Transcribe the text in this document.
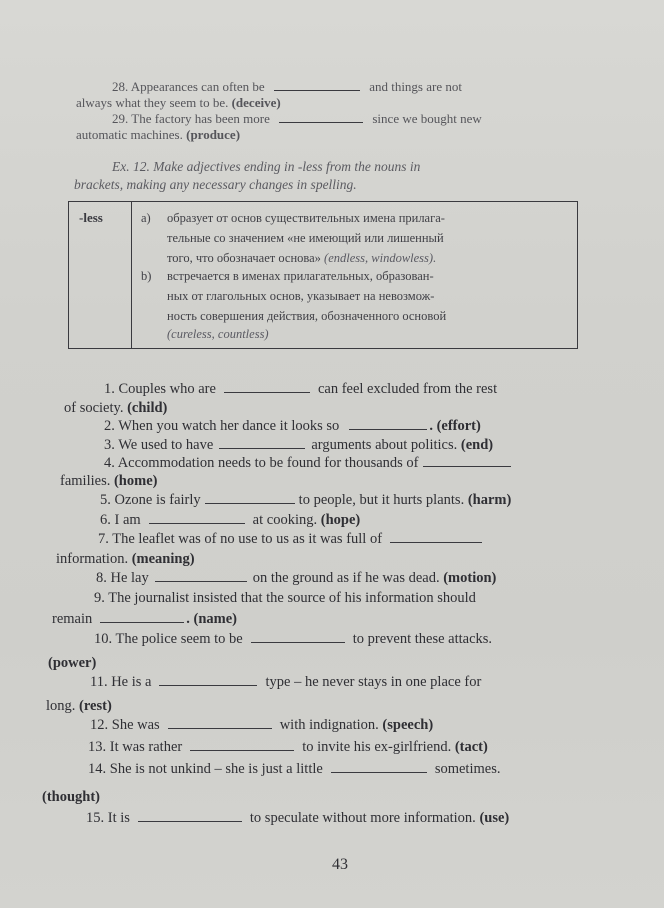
28. Appearances can often be	and things are not
always what they seem to be. (deceive)
29. The factory has been more	since we bought new
automatic machines. (produce)
Ex. 12. Make adjectives ending in -less from the nouns in
brackets, making any necessary changes in spelling.
-less	a) образует от основ существительных имена прилага-
тельные со значением «не имеющий или лишенный
того, что обозначает основа» (endless, windowless).
b) встречается в именах прилагательных, образован-
ных от глагольных основ, указывает на невозмож-
ность совершения действия, обозначенного основой
(cureless, countless)
1. Couples who are	can feel excluded from the rest
of society. (child)
2. When you watch her dance it looks so	. (effort)
3. We used to have	arguments about politics. (end)
4. Accommodation needs to be found for thousands of
families. (home)
5. Ozone is fairly	to people, but it hurts plants. (harm)
6. I am	at cooking. (hope)
7. The leaflet was of no use to us as it was full of
information. (meaning)
8. He lay	on the ground as if he was dead. (motion)
9. The journalist insisted that the source of his information should
remain	. (name)
10. The police seem to be	to prevent these attacks.
(power)
11. He is a	type – he never stays in one place for
long. (rest)
12. She was	with indignation. (speech)
13. It was rather	to invite his ex-girlfriend. (tact)
14. She is not unkind – she is just a little	sometimes.
(thought)
15. It is	to speculate without more information. (use)
43
